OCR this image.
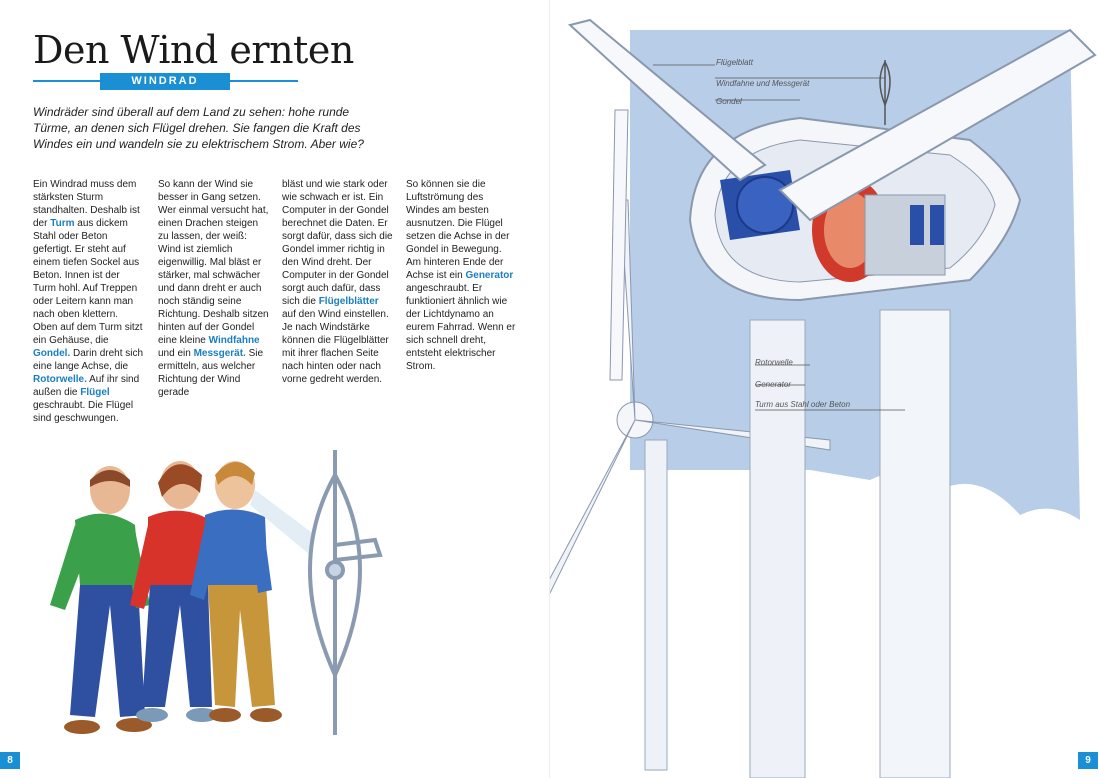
Den Wind ernten
WINDRAD

Windräder sind überall auf dem Land zu sehen: hohe runde Türme, an denen sich Flügel drehen. Sie fangen die Kraft des Windes ein und wandeln sie zu elektrischem Strom. Aber wie?

Ein Windrad muss dem stärksten Sturm standhalten. Deshalb ist der Turm aus dickem Stahl oder Beton gefertigt. Er steht auf einem tiefen Sockel aus Beton. Innen ist der Turm hohl. Auf Treppen oder Leitern kann man nach oben klettern. Oben auf dem Turm sitzt ein Gehäuse, die Gondel. Darin dreht sich eine lange Achse, die Rotorwelle. Auf ihr sind außen die Flügel geschraubt. Die Flügel sind geschwungen.
So kann der Wind sie besser in Gang setzen. Wer einmal versucht hat, einen Drachen steigen zu lassen, der weiß: Wind ist ziemlich eigenwillig. Mal bläst er stärker, mal schwächer und dann dreht er auch noch ständig seine Richtung. Deshalb sitzen hinten auf der Gondel eine kleine Windfahne und ein Messgerät. Sie ermitteln, aus welcher Richtung der Wind gerade
bläst und wie stark oder wie schwach er ist. Ein Computer in der Gondel berechnet die Daten. Er sorgt dafür, dass sich die Gondel immer richtig in den Wind dreht. Der Computer in der Gondel sorgt auch dafür, dass sich die Flügelblätter auf den Wind einstellen. Je nach Windstärke können die Flügelblätter mit ihrer flachen Seite nach hinten oder nach vorne gedreht werden.
So können sie die Luftströmung des Windes am besten ausnutzen. Die Flügel setzen die Achse in der Gondel in Bewegung. Am hinteren Ende der Achse ist ein Generator angeschraubt. Er funktioniert ähnlich wie der Lichtdynamo an eurem Fahrrad. Wenn er sich schnell dreht, entsteht elektrischer Strom.
8
Flügelblatt
Windfahne und Messgerät
Gondel
Rotorwelle
Generator
Turm aus Stahl oder Beton
9
